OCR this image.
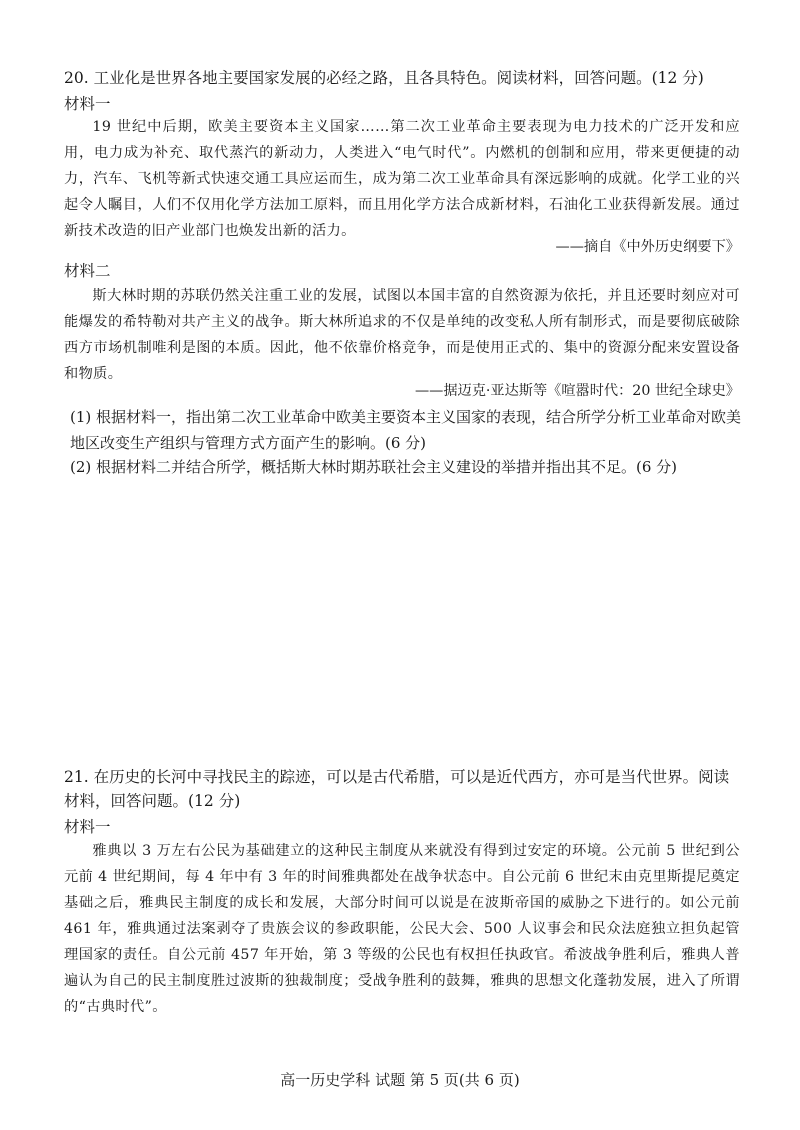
20. 工业化是世界各地主要国家发展的必经之路，且各具特色。阅读材料，回答问题。(12 分)
材料一
19 世纪中后期，欧美主要资本主义国家……第二次工业革命主要表现为电力技术的广泛开发和应用，电力成为补充、取代蒸汽的新动力，人类进入“电气时代”。内燃机的创制和应用，带来更便捷的动力，汽车、飞机等新式快速交通工具应运而生，成为第二次工业革命具有深远影响的成就。化学工业的兴起令人瞩目，人们不仅用化学方法加工原料，而且用化学方法合成新材料，石油化工业获得新发展。通过新技术改造的旧产业部门也焕发出新的活力。
——摘自《中外历史纲要下》
材料二
斯大林时期的苏联仍然关注重工业的发展，试图以本国丰富的自然资源为依托，并且还要时刻应对可能爆发的希特勒对共产主义的战争。斯大林所追求的不仅是单纯的改变私人所有制形式，而是要彻底破除西方市场机制唯利是图的本质。因此，他不依靠价格竞争，而是使用正式的、集中的资源分配来安置设备和物质。
——据迈克·亚达斯等《喧嚣时代：20 世纪全球史》
(1) 根据材料一，指出第二次工业革命中欧美主要资本主义国家的表现，结合所学分析工业革命对欧美地区改变生产组织与管理方式方面产生的影响。(6 分)
(2) 根据材料二并结合所学，概括斯大林时期苏联社会主义建设的举措并指出其不足。(6 分)
21. 在历史的长河中寻找民主的踪迹，可以是古代希腊，可以是近代西方，亦可是当代世界。阅读材料，回答问题。(12 分)
材料一
雅典以 3 万左右公民为基础建立的这种民主制度从来就没有得到过安定的环境。公元前 5 世纪到公元前 4 世纪期间，每 4 年中有 3 年的时间雅典都处在战争状态中。自公元前 6 世纪末由克里斯提尼奠定基础之后，雅典民主制度的成长和发展，大部分时间可以说是在波斯帝国的威胁之下进行的。如公元前 461 年，雅典通过法案剥夺了贵族会议的参政职能，公民大会、500 人议事会和民众法庭独立担负起管理国家的责任。自公元前 457 年开始，第 3 等级的公民也有权担任执政官。希波战争胜利后，雅典人普遍认为自己的民主制度胜过波斯的独裁制度；受战争胜利的鼓舞，雅典的思想文化蓬勃发展，进入了所谓的“古典时代”。
高一历史学科 试题 第 5 页(共 6 页)
